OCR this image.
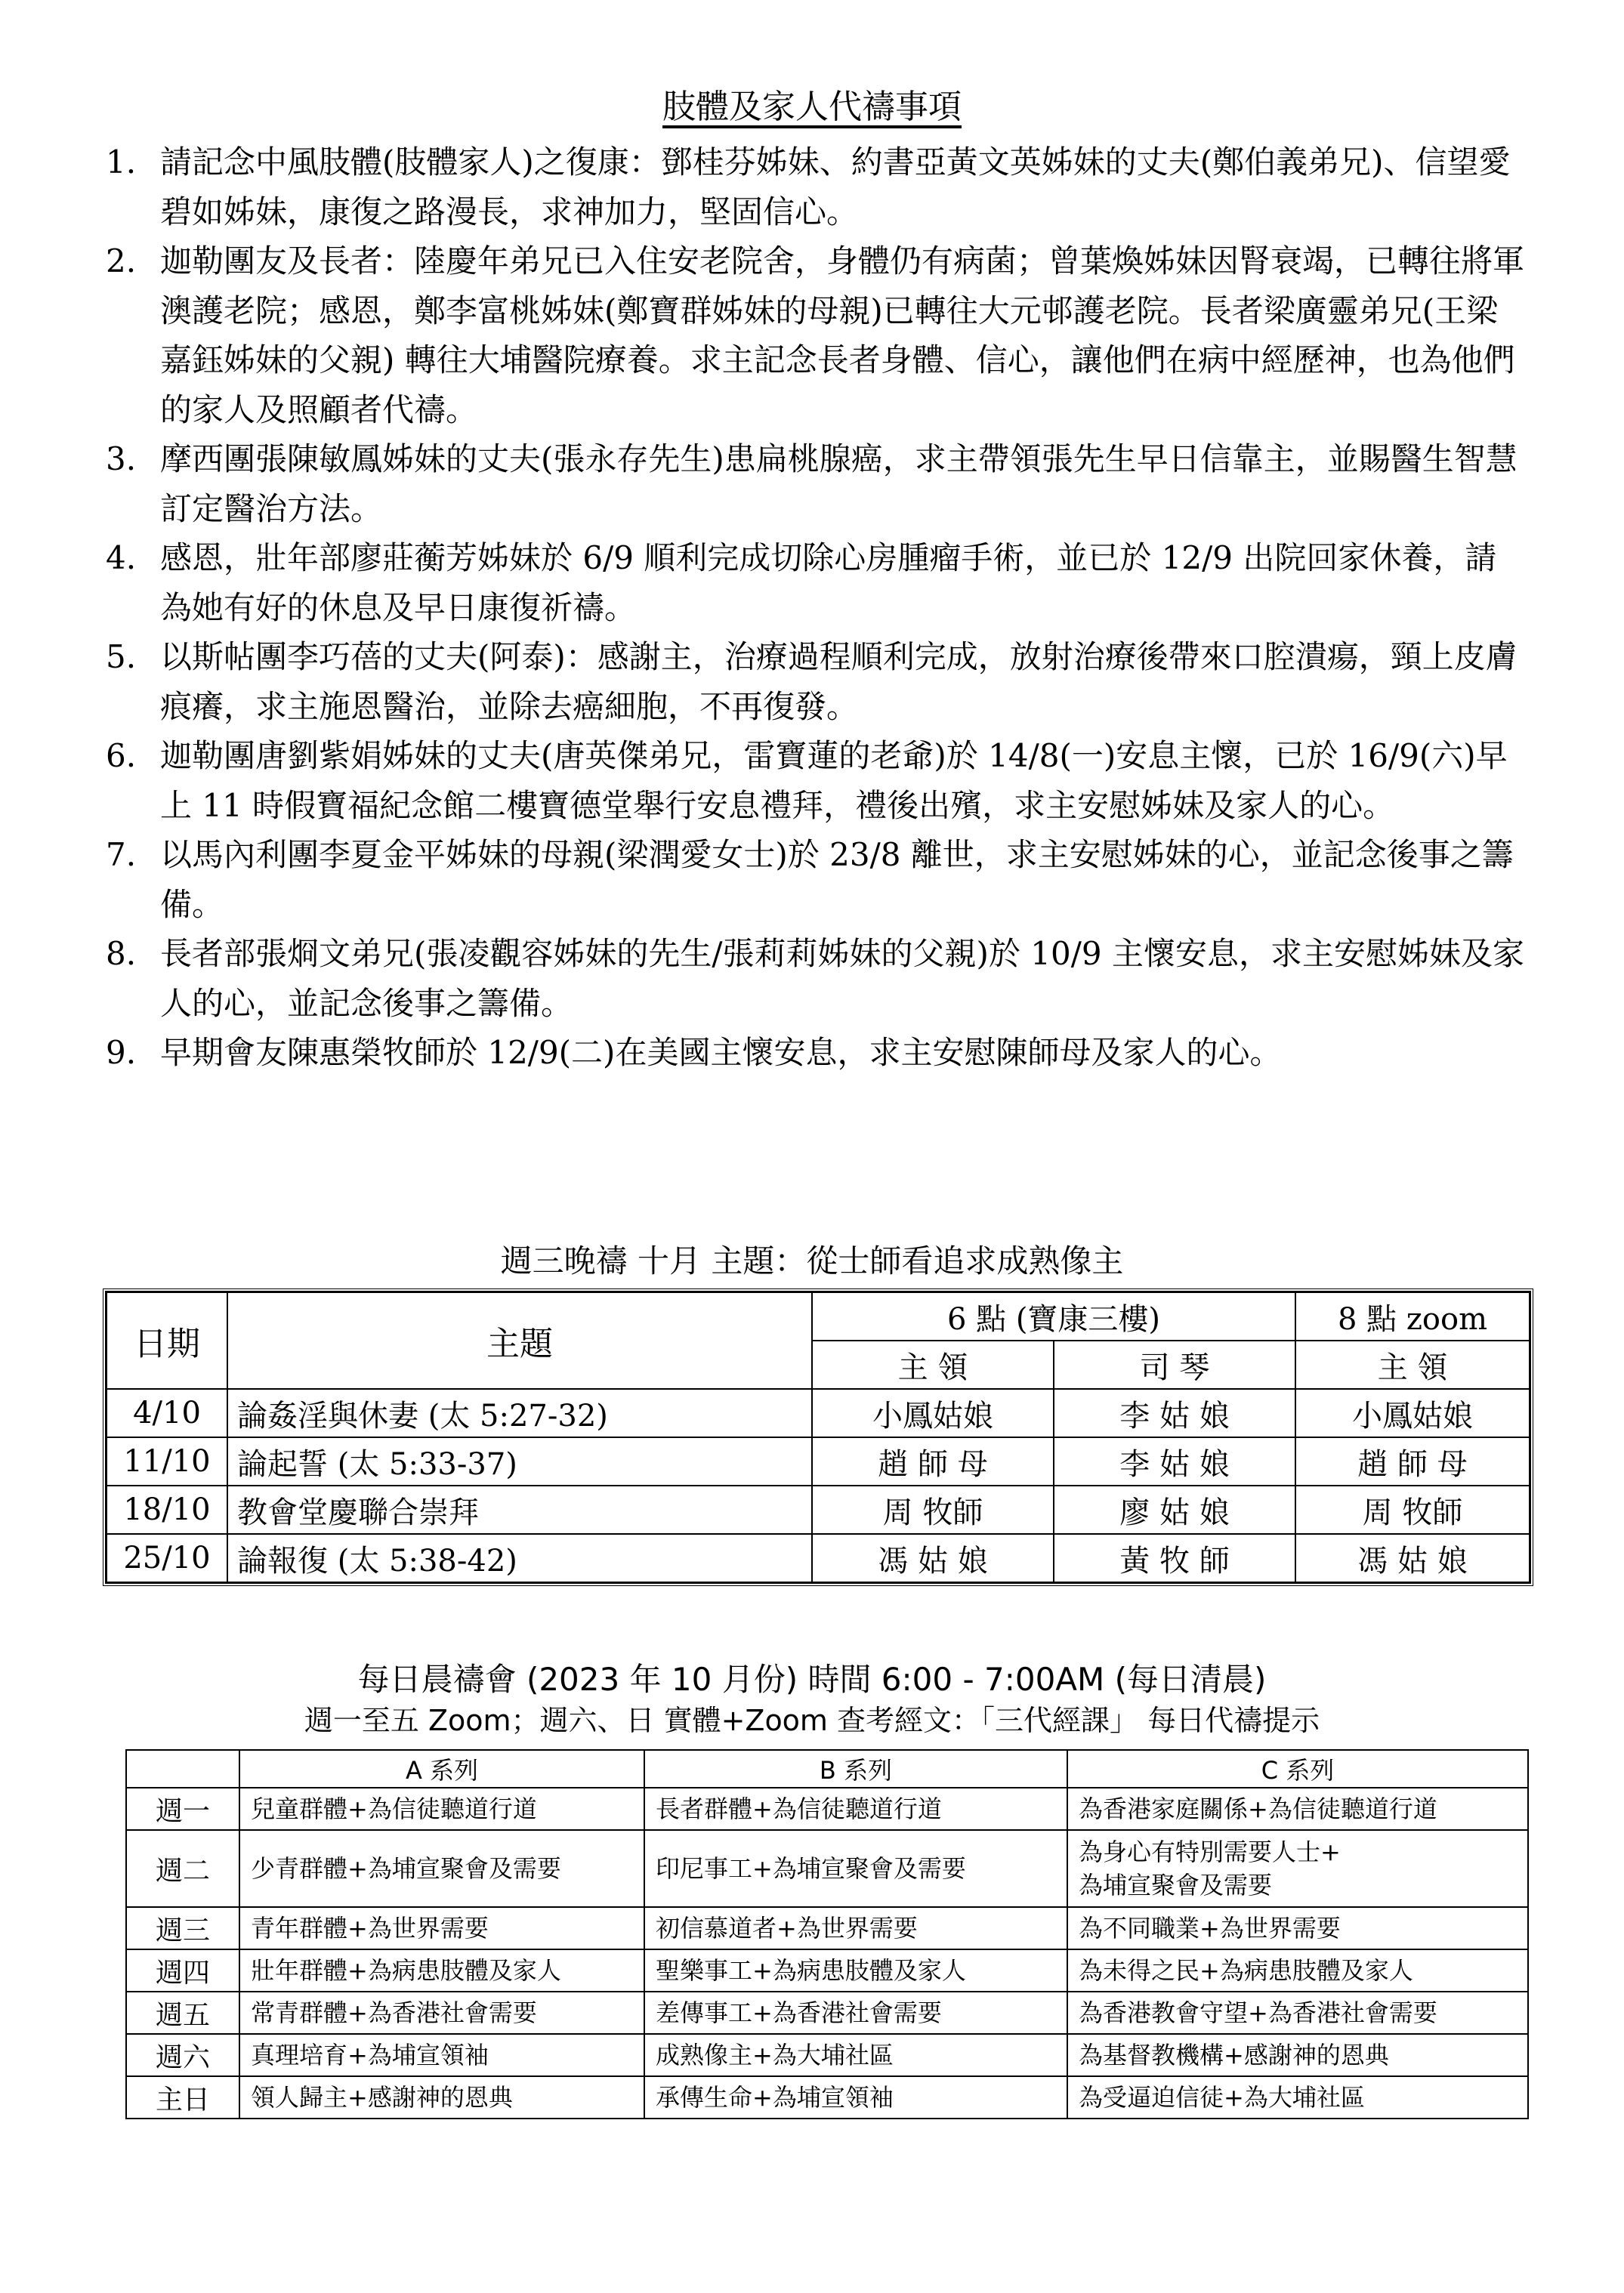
肢體及家人代禱事項
1. 請記念中風肢體(肢體家人)之復康：鄧桂芬姊妹、約書亞黃文英姊妹的丈夫(鄭伯義弟兄)、信望愛碧如姊妹，康復之路漫長，求神加力，堅固信心。
2. 迦勒團友及長者：陸慶年弟兄已入住安老院舍，身體仍有病菌；曾葉煥姊妹因腎衰竭，已轉往將軍澳護老院；感恩，鄭李富桃姊妹(鄭寶群姊妹的母親)已轉往大元邨護老院。長者梁廣靈弟兄(王梁嘉鈺姊妹的父親) 轉往大埔醫院療養。求主記念長者身體、信心，讓他們在病中經歷神，也為他們的家人及照顧者代禱。
3. 摩西團張陳敏鳳姊妹的丈夫(張永存先生)患扁桃腺癌，求主帶領張先生早日信靠主，並賜醫生智慧訂定醫治方法。
4. 感恩，壯年部廖莊蘅芳姊妹於 6/9 順利完成切除心房腫瘤手術，並已於 12/9 出院回家休養，請為她有好的休息及早日康復祈禱。
5. 以斯帖團李巧蓓的丈夫(阿泰)：感謝主，治療過程順利完成，放射治療後帶來口腔潰瘍，頸上皮膚痕癢，求主施恩醫治，並除去癌細胞，不再復發。
6. 迦勒團唐劉紫娟姊妹的丈夫(唐英傑弟兄，雷寶蓮的老爺)於 14/8(一)安息主懷，已於 16/9(六)早上 11 時假寶福紀念館二樓寶德堂舉行安息禮拜，禮後出殯，求主安慰姊妹及家人的心。
7. 以馬內利團李夏金平姊妹的母親(梁潤愛女士)於 23/8 離世，求主安慰姊妹的心，並記念後事之籌備。
8. 長者部張烱文弟兄(張凌觀容姊妹的先生/張莉莉姊妹的父親)於 10/9 主懷安息，求主安慰姊妹及家人的心，並記念後事之籌備。
9. 早期會友陳惠榮牧師於 12/9(二)在美國主懷安息，求主安慰陳師母及家人的心。
週三晚禱 十月 主題：從士師看追求成熟像主
日期	主題	6 點 (寶康三樓)		8 點 zoom
		主 領	司 琴	主 領
4/10	論姦淫與休妻 (太 5:27-32)	小鳳姑娘	李 姑 娘	小鳳姑娘
11/10	論起誓 (太 5:33-37)	趙 師 母	李 姑 娘	趙 師 母
18/10	教會堂慶聯合崇拜	周 牧師	廖 姑 娘	周 牧師
25/10	論報復 (太 5:38-42)	馮 姑 娘	黃 牧 師	馮 姑 娘
每日晨禱會 (2023 年 10 月份) 時間 6:00 - 7:00AM (每日清晨)
週一至五 Zoom；週六、日 實體+Zoom 查考經文：「三代經課」 每日代禱提示
	A 系列	B 系列	C 系列
週一	兒童群體+為信徒聽道行道	長者群體+為信徒聽道行道	為香港家庭關係+為信徒聽道行道
週二	少青群體+為埔宣聚會及需要	印尼事工+為埔宣聚會及需要	為身心有特別需要人士+
為埔宣聚會及需要

週三	青年群體+為世界需要	初信慕道者+為世界需要	為不同職業+為世界需要
週四	壯年群體+為病患肢體及家人	聖樂事工+為病患肢體及家人	為未得之民+為病患肢體及家人
週五	常青群體+為香港社會需要	差傳事工+為香港社會需要	為香港教會守望+為香港社會需要
週六	真理培育+為埔宣領袖	成熟像主+為大埔社區	為基督教機構+感謝神的恩典
主日	領人歸主+感謝神的恩典	承傳生命+為埔宣領袖	為受逼迫信徒+為大埔社區
